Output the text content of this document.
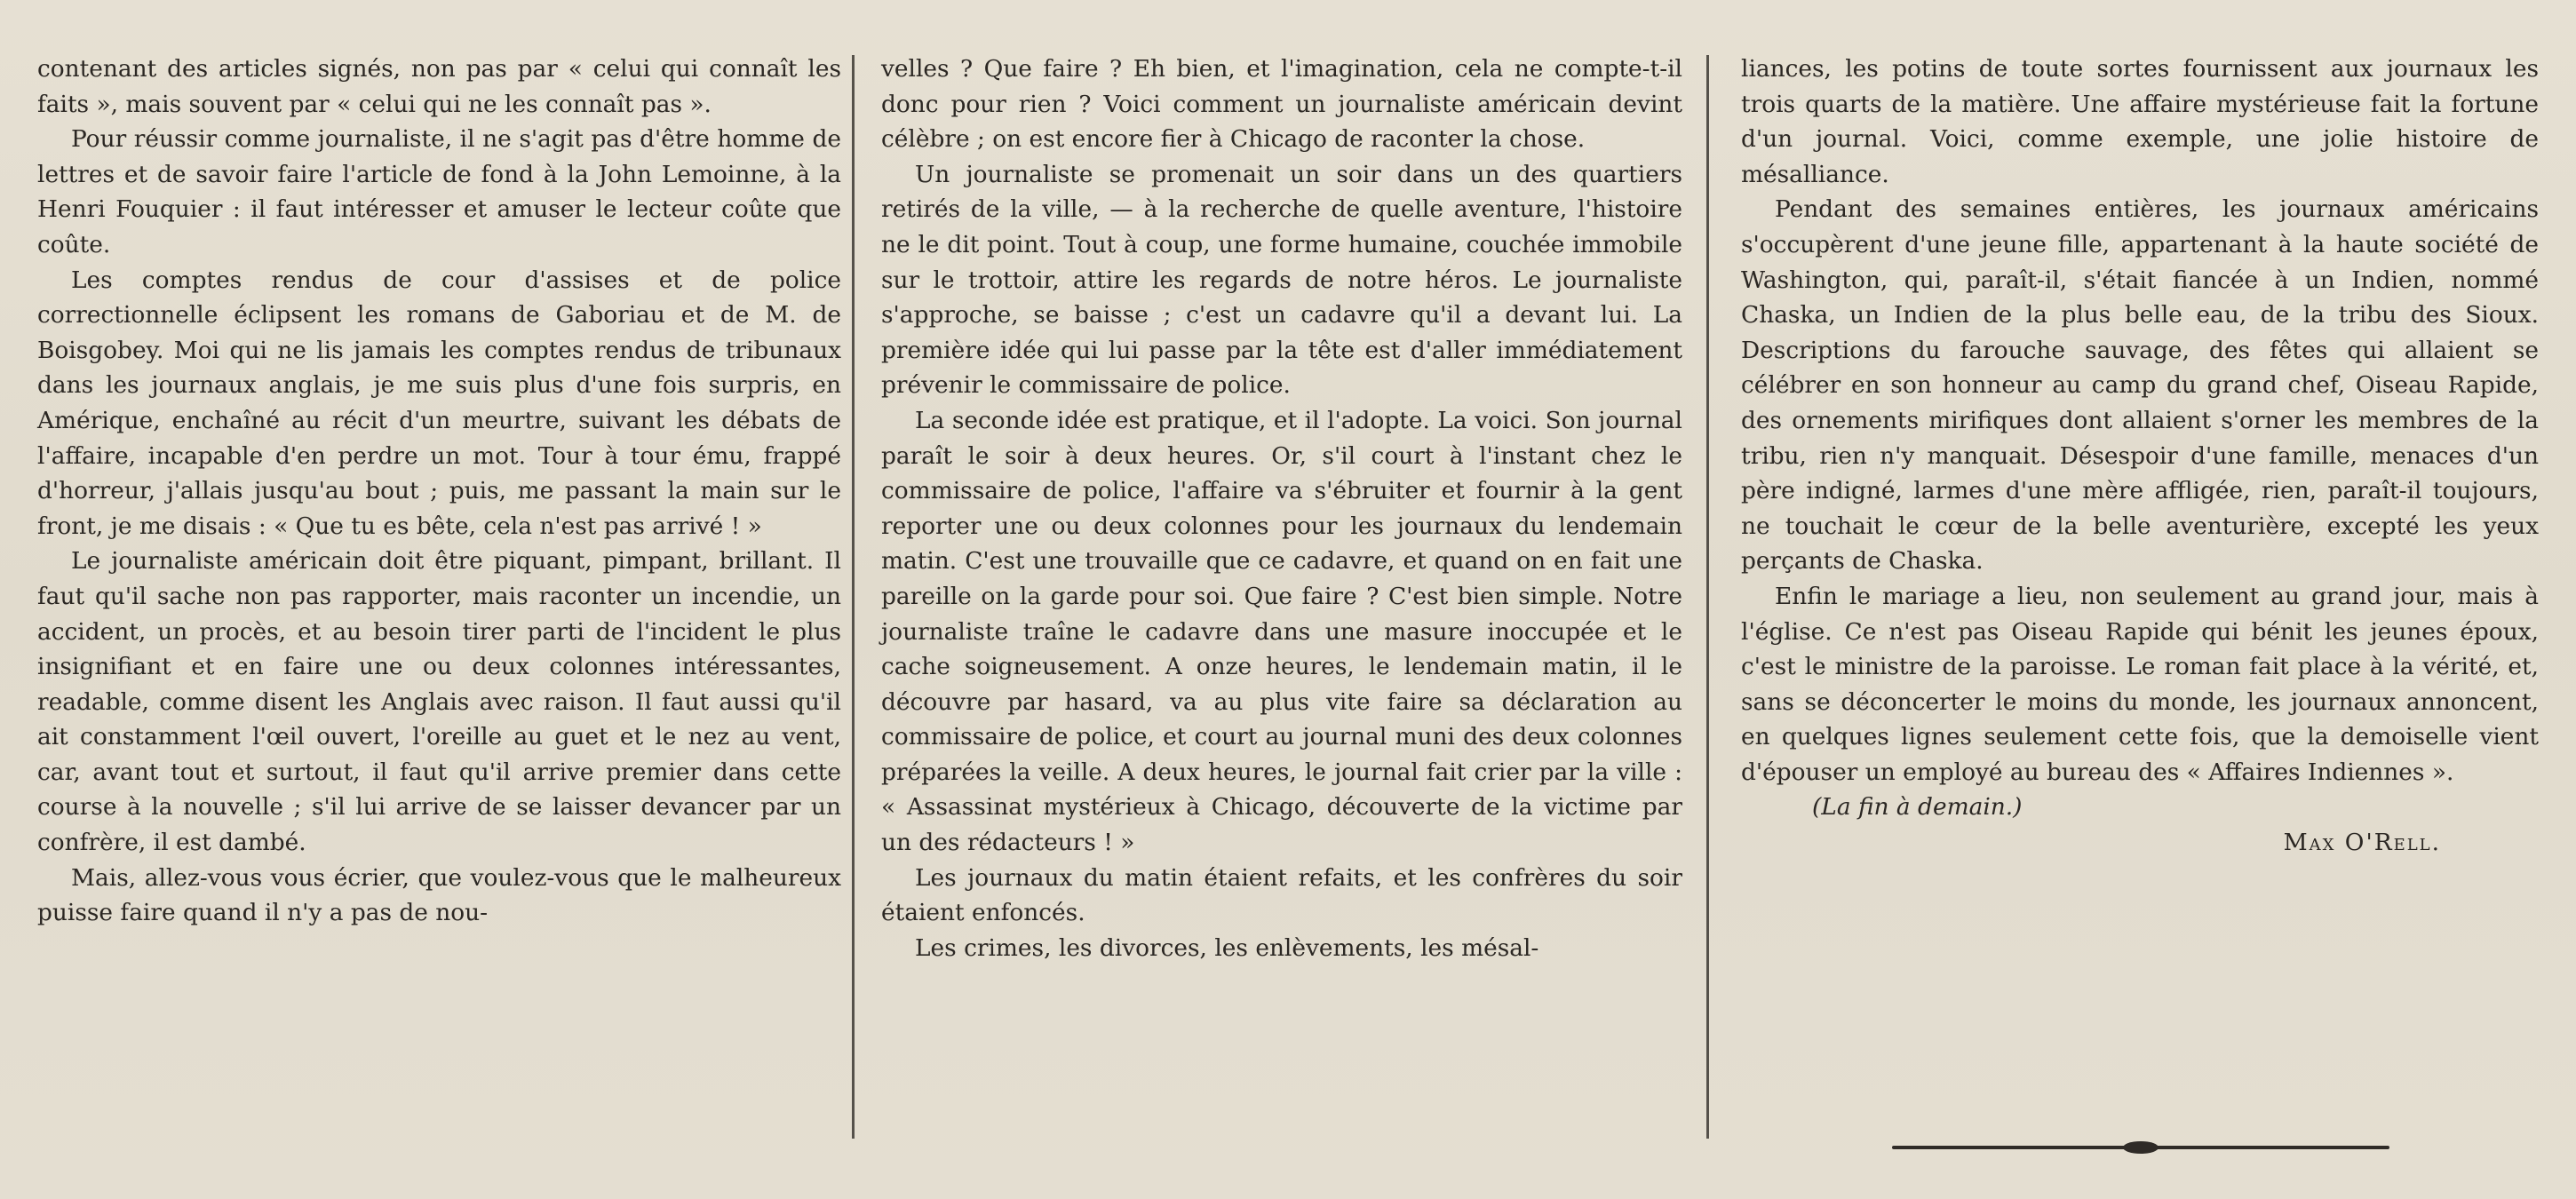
contenant des articles signés, non pas par « celui qui connaît les faits », mais souvent par « celui qui ne les connaît pas ».

Pour réussir comme journaliste, il ne s'agit pas d'être homme de lettres et de savoir faire l'article de fond à la John Lemoinne, à la Henri Fouquier : il faut intéresser et amuser le lecteur coûte que coûte.

Les comptes rendus de cour d'assises et de police correctionnelle éclipsent les romans de Gaboriau et de M. de Boisgobey. Moi qui ne lis jamais les comptes rendus de tribunaux dans les journaux anglais, je me suis plus d'une fois surpris, en Amérique, enchaîné au récit d'un meurtre, suivant les débats de l'affaire, incapable d'en perdre un mot. Tour à tour ému, frappé d'horreur, j'allais jusqu'au bout ; puis, me passant la main sur le front, je me disais : « Que tu es bête, cela n'est pas arrivé ! »

Le journaliste américain doit être piquant, pimpant, brillant. Il faut qu'il sache non pas rapporter, mais raconter un incendie, un accident, un procès, et au besoin tirer parti de l'incident le plus insignifiant et en faire une ou deux colonnes intéressantes, readable, comme disent les Anglais avec raison. Il faut aussi qu'il ait constamment l'œil ouvert, l'oreille au guet et le nez au vent, car, avant tout et surtout, il faut qu'il arrive premier dans cette course à la nouvelle ; s'il lui arrive de se laisser devancer par un confrère, il est dambé.

Mais, allez-vous vous écrier, que voulez-vous que le malheureux puisse faire quand il n'y a pas de nou-

velles ? Que faire ? Eh bien, et l'imagination, cela ne compte-t-il donc pour rien ? Voici comment un journaliste américain devint célèbre ; on est encore fier à Chicago de raconter la chose.

Un journaliste se promenait un soir dans un des quartiers retirés de la ville, — à la recherche de quelle aventure, l'histoire ne le dit point. Tout à coup, une forme humaine, couchée immobile sur le trottoir, attire les regards de notre héros. Le journaliste s'approche, se baisse ; c'est un cadavre qu'il a devant lui. La première idée qui lui passe par la tête est d'aller immédiatement prévenir le commissaire de police.

La seconde idée est pratique, et il l'adopte. La voici. Son journal paraît le soir à deux heures. Or, s'il court à l'instant chez le commissaire de police, l'affaire va s'ébruiter et fournir à la gent reporter une ou deux colonnes pour les journaux du lendemain matin. C'est une trouvaille que ce cadavre, et quand on en fait une pareille on la garde pour soi. Que faire ? C'est bien simple. Notre journaliste traîne le cadavre dans une masure inoccupée et le cache soigneusement. A onze heures, le lendemain matin, il le découvre par hasard, va au plus vite faire sa déclaration au commissaire de police, et court au journal muni des deux colonnes préparées la veille. A deux heures, le journal fait crier par la ville : « Assassinat mystérieux à Chicago, découverte de la victime par un des rédacteurs ! »

Les journaux du matin étaient refaits, et les confrères du soir étaient enfoncés.

Les crimes, les divorces, les enlèvements, les mésal-

liances, les potins de toute sortes fournissent aux journaux les trois quarts de la matière. Une affaire mystérieuse fait la fortune d'un journal. Voici, comme exemple, une jolie histoire de mésalliance.

Pendant des semaines entières, les journaux américains s'occupèrent d'une jeune fille, appartenant à la haute société de Washington, qui, paraît-il, s'était fiancée à un Indien, nommé Chaska, un Indien de la plus belle eau, de la tribu des Sioux. Descriptions du farouche sauvage, des fêtes qui allaient se célébrer en son honneur au camp du grand chef, Oiseau Rapide, des ornements mirifiques dont allaient s'orner les membres de la tribu, rien n'y manquait. Désespoir d'une famille, menaces d'un père indigné, larmes d'une mère affligée, rien, paraît-il toujours, ne touchait le cœur de la belle aventurière, excepté les yeux perçants de Chaska.

Enfin le mariage a lieu, non seulement au grand jour, mais à l'église. Ce n'est pas Oiseau Rapide qui bénit les jeunes époux, c'est le ministre de la paroisse. Le roman fait place à la vérité, et, sans se déconcerter le moins du monde, les journaux annoncent, en quelques lignes seulement cette fois, que la demoiselle vient d'épouser un employé au bureau des « Affaires Indiennes ».

(La fin à demain.)
Max O'Rell.
